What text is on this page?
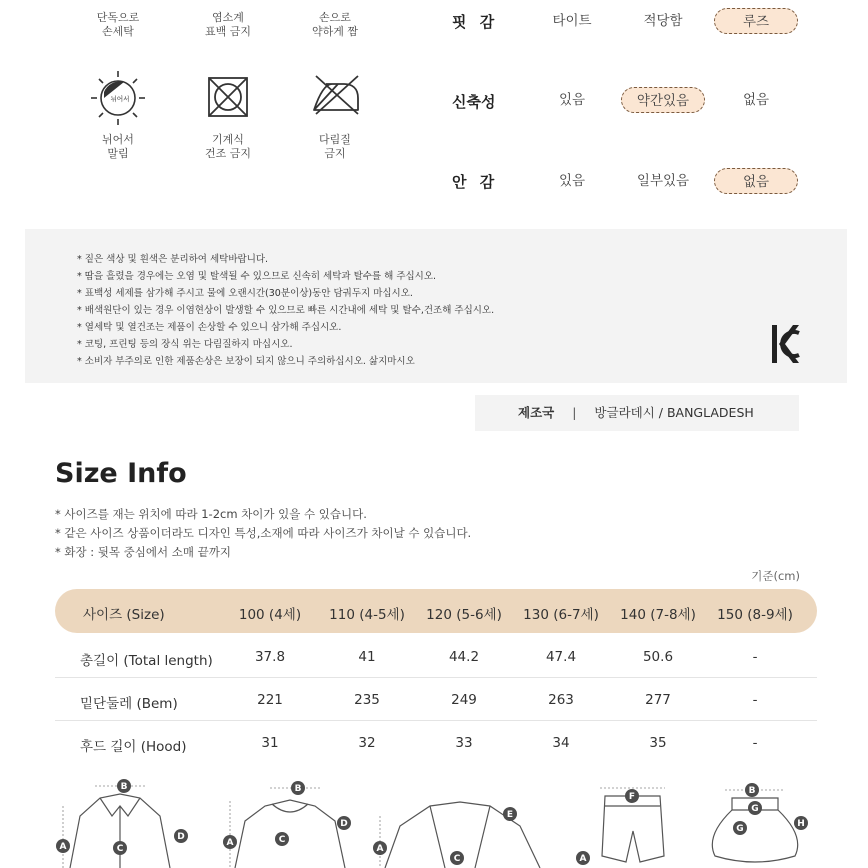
단독으로
손세탁
염소계
표백 금지
손으로
약하게 짬
뉘어서
뉘어서
말림
기계식
건조 금지
다림질
금지
핏 감	타이트	적당함	루즈
신축성	있음	약간있음	없음
안 감	있음	일부있음	없음
* 짙은 색상 및 흰색은 분리하여 세탁바랍니다.
* 땀을 흘렸을 경우에는 오염 및 탈색될 수 있으므로 신속히 세탁과 탈수를 해 주십시오.
* 표백성 세제를 삼가해 주시고 물에 오랜시간(30분이상)동안 담궈두지 마십시오.
* 배색원단이 있는 경우 이염현상이 발생할 수 있으므로 빠른 시간내에 세탁 및 탈수,건조해 주십시오.
* 열세탁 및 열건조는 제품이 손상할 수 있으니 삼가해 주십시오.
* 코팅, 프린팅 등의 장식 위는 다림질하지 마십시오.
* 소비자 부주의로 인한 제품손상은 보장이 되지 않으니 주의하십시오. 삶지마시오
제조국 | 방글라데시 / BANGLADESH
Size Info
* 사이즈를 재는 위치에 따라 1-2cm 차이가 있을 수 있습니다.
* 같은 사이즈 상품이더라도 디자인 특성,소재에 따라 사이즈가 차이날 수 있습니다.
* 화장 : 뒷목 중심에서 소매 끝까지
기준(cm)
사이즈 (Size)	100 (4세)	110 (4-5세)	120 (5-6세)	130 (6-7세)	140 (7-8세)	150 (8-9세)
총길이 (Total length)	37.8	41	44.2	47.4	50.6	-
밑단둘레 (Bem)	221	235	249	263	277	-
후드 길이 (Hood)	31	32	33	34	35	-
B
C
D
A	A
B
C
D
A
C
E
A
F
G
B
G	H
